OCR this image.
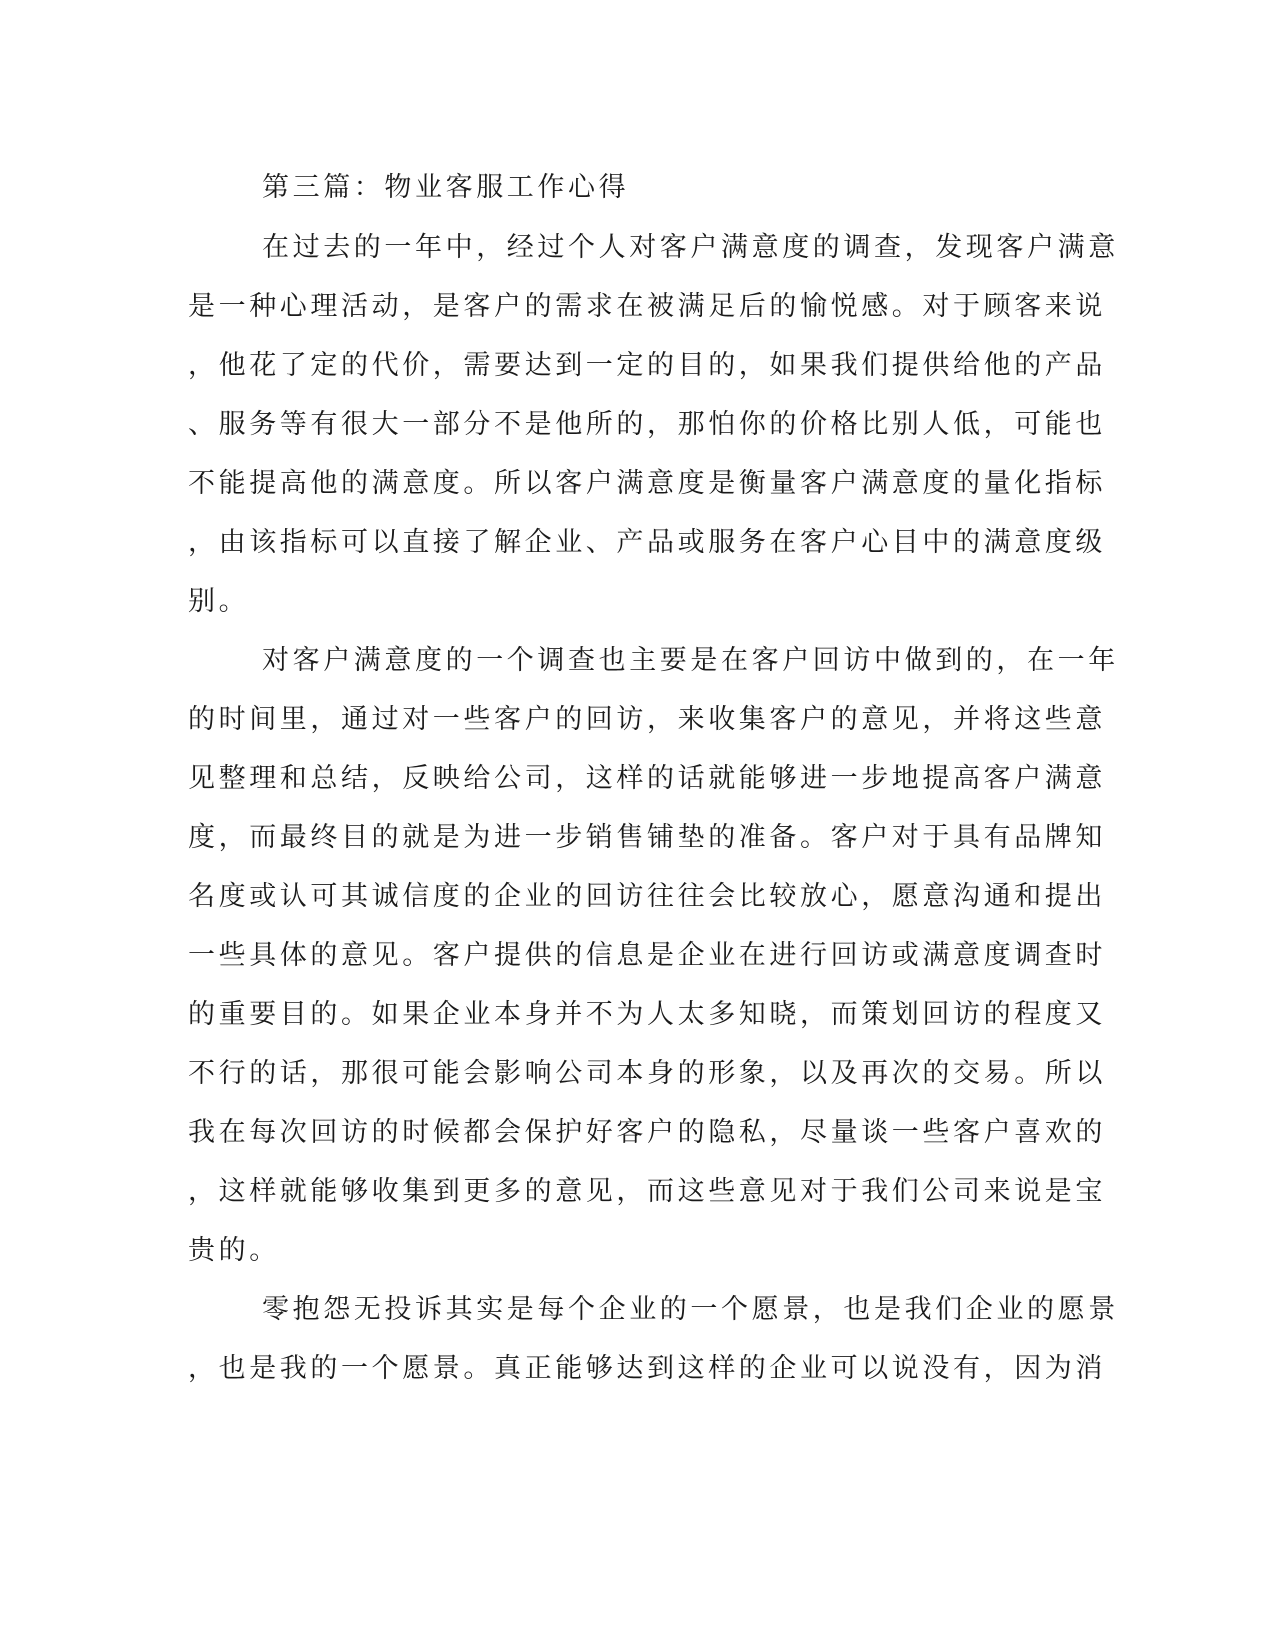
第三篇：物业客服工作心得
在过去的一年中，经过个人对客户满意度的调查，发现客户满意
是一种心理活动，是客户的需求在被满足后的愉悦感。对于顾客来说
，他花了定的代价，需要达到一定的目的，如果我们提供给他的产品
、服务等有很大一部分不是他所的，那怕你的价格比别人低，可能也
不能提高他的满意度。所以客户满意度是衡量客户满意度的量化指标
，由该指标可以直接了解企业、产品或服务在客户心目中的满意度级
别。
对客户满意度的一个调查也主要是在客户回访中做到的，在一年
的时间里，通过对一些客户的回访，来收集客户的意见，并将这些意
见整理和总结，反映给公司，这样的话就能够进一步地提高客户满意
度，而最终目的就是为进一步销售铺垫的准备。客户对于具有品牌知
名度或认可其诚信度的企业的回访往往会比较放心，愿意沟通和提出
一些具体的意见。客户提供的信息是企业在进行回访或满意度调查时
的重要目的。如果企业本身并不为人太多知晓，而策划回访的程度又
不行的话，那很可能会影响公司本身的形象，以及再次的交易。所以
我在每次回访的时候都会保护好客户的隐私，尽量谈一些客户喜欢的
，这样就能够收集到更多的意见，而这些意见对于我们公司来说是宝
贵的。
零抱怨无投诉其实是每个企业的一个愿景，也是我们企业的愿景
，也是我的一个愿景。真正能够达到这样的企业可以说没有，因为消
